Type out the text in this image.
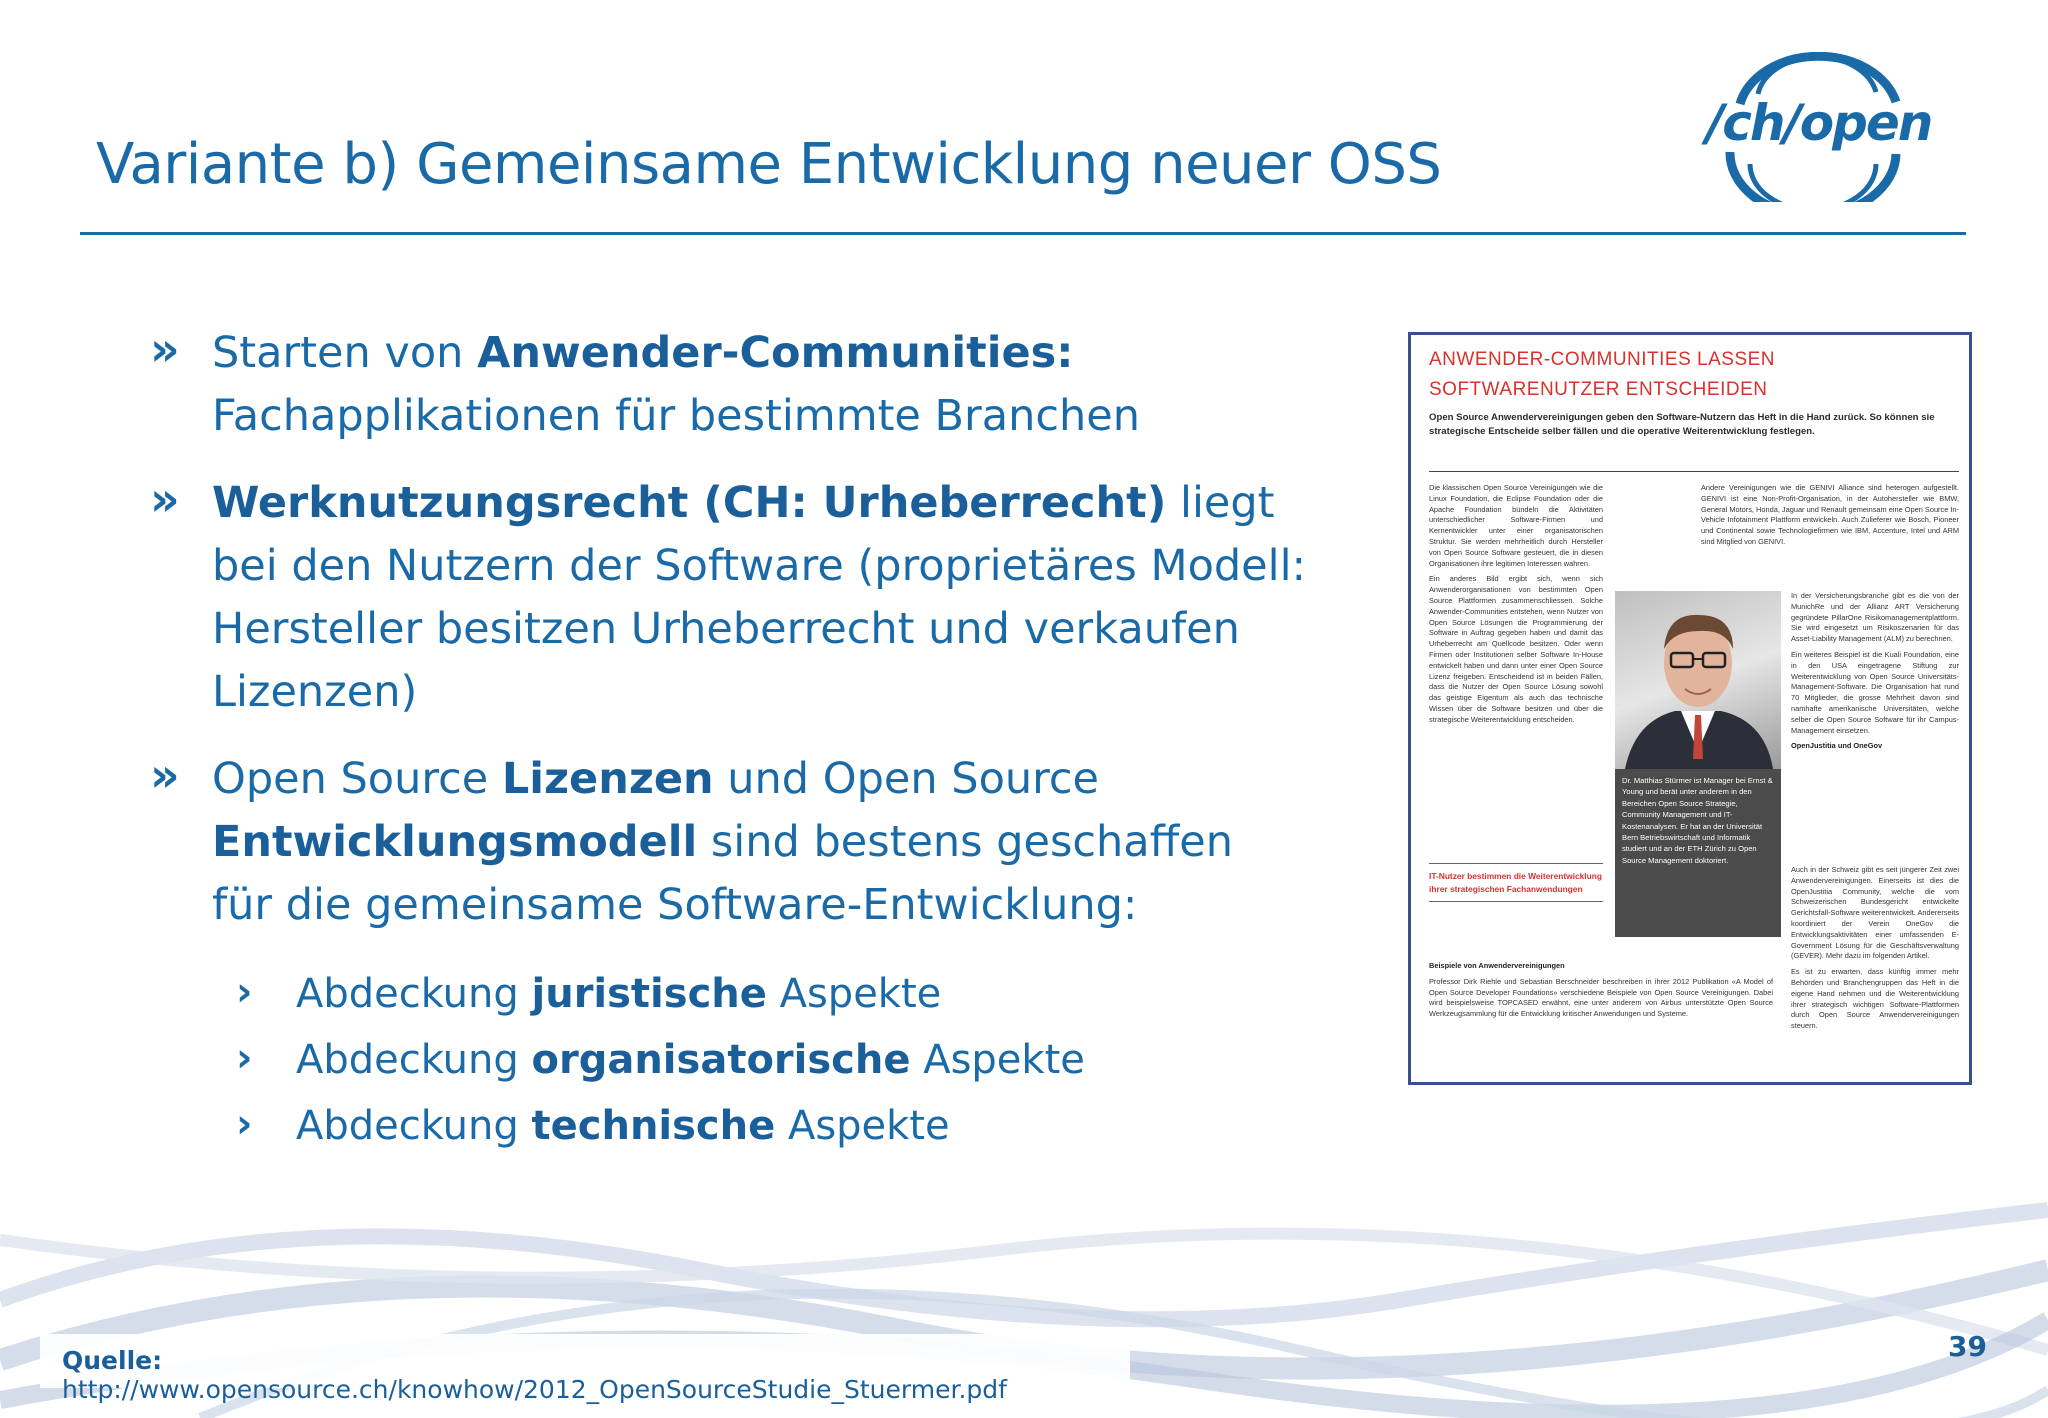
Variante b) Gemeinsame Entwicklung neuer OSS
/ch/open
» Starten von Anwender-Communities:
Fachapplikationen für bestimmte Branchen
» Werknutzungsrecht (CH: Urheberrecht) liegt bei den Nutzern der Software (proprietäres Modell: Hersteller besitzen Urheberrecht und verkaufen Lizenzen)
» Open Source Lizenzen und Open Source Entwicklungsmodell sind bestens geschaffen für die gemeinsame Software-Entwicklung:
› Abdeckung juristische Aspekte
› Abdeckung organisatorische Aspekte
› Abdeckung technische Aspekte
ANWENDER-COMMUNITIES LASSEN
SOFTWARENUTZER ENTSCHEIDEN
Open Source Anwendervereinigungen geben den Software-Nutzern das Heft in die Hand zurück. So können sie strategische Entscheide selber fällen und die operative Weiterentwicklung festlegen.

Die klassischen Open Source Vereinigungen wie die Linux Foundation, die Eclipse Foundation oder die Apache Foundation bündeln die Aktivitäten unterschiedlicher Software-Firmen und Kernentwickler unter einer organisatorischen Struktur. Sie werden mehrheitlich durch Hersteller von Open Source Software gesteuert, die in diesen Organisationen ihre legitimen Interessen wahren.

Ein anderes Bild ergibt sich, wenn sich Anwenderorganisationen von bestimmten Open Source Plattformen zusammenschliessen. Solche Anwender-Communities entstehen, wenn Nutzer von Open Source Lösungen die Programmierung der Software in Auftrag gegeben haben und damit das Urheberrecht am Quellcode besitzen. Oder wenn Firmen oder Institutionen selber Software In-House entwickelt haben und dann unter einer Open Source Lizenz freigeben. Entscheidend ist in beiden Fällen, dass die Nutzer der Open Source Lösung sowohl das geistige Eigentum als auch das technische Wissen über die Software besitzen und über die strategische Weiterentwicklung entscheiden.

IT-Nutzer bestimmen die Weiterentwicklung ihrer strategischen Fachanwendungen

Beispiele von Anwendervereinigungen

Professor Dirk Riehle und Sebastian Berschneider beschreiben in ihrer 2012 Publikation «A Model of Open Source Developer Foundations» verschiedene Beispiele von Open Source Vereinigungen. Dabei wird beispielsweise TOPCASED erwähnt, eine unter anderem von Airbus unterstützte Open Source Werkzeugsammlung für die Entwicklung kritischer Anwendungen und Systeme.

Andere Vereinigungen wie die GENIVI Alliance sind heterogen aufgestellt. GENIVI ist eine Non-Profit-Organisation, in der Autohersteller wie BMW, General Motors, Honda, Jaguar und Renault gemeinsam eine Open Source In-Vehicle Infotainment Plattform entwickeln. Auch Zulieferer wie Bosch, Pioneer und Continental sowie Technologiefirmen wie IBM, Accenture, Intel und ARM sind Mitglied von GENIVI.

In der Versicherungsbranche gibt es die von der MunichRe und der Allianz ART Versicherung gegründete PillarOne Risikomanagementplattform. Sie wird eingesetzt um Risikoszenarien für das Asset-Liability Management (ALM) zu berechnen.

Ein weiteres Beispiel ist die Kuali Foundation, eine in den USA eingetragene Stiftung zur Weiterentwicklung von Open Source Universitäts-Management-Software. Die Organisation hat rund 70 Mitglieder, die grosse Mehrheit davon sind namhafte amerikanische Universitäten, welche selber die Open Source Software für ihr Campus-Management einsetzen.

OpenJustitia und OneGov

Auch in der Schweiz gibt es seit jüngerer Zeit zwei Anwendervereinigungen. Einerseits ist dies die OpenJustitia Community, welche die vom Schweizerischen Bundesgericht entwickelte Gerichtsfall-Software weiterentwickelt. Andererseits koordiniert der Verein OneGov die Entwicklungsaktivitäten einer umfassenden E-Government Lösung für die Geschäftsverwaltung (GEVER). Mehr dazu im folgenden Artikel.

Es ist zu erwarten, dass künftig immer mehr Behörden und Branchengruppen das Heft in die eigene Hand nehmen und die Weiterentwicklung ihrer strategisch wichtigen Software-Plattformen durch Open Source Anwendervereinigungen steuern.

Dr. Matthias Stürmer ist Manager bei Ernst & Young und berät unter anderem in den Bereichen Open Source Strategie, Community Management und IT-Kostenanalysen. Er hat an der Universität Bern Betriebswirtschaft und Informatik studiert und an der ETH Zürich zu Open Source Management doktoriert.
Quelle: http://www.opensource.ch/knowhow/2012_OpenSourceStudie_Stuermer.pdf
39
